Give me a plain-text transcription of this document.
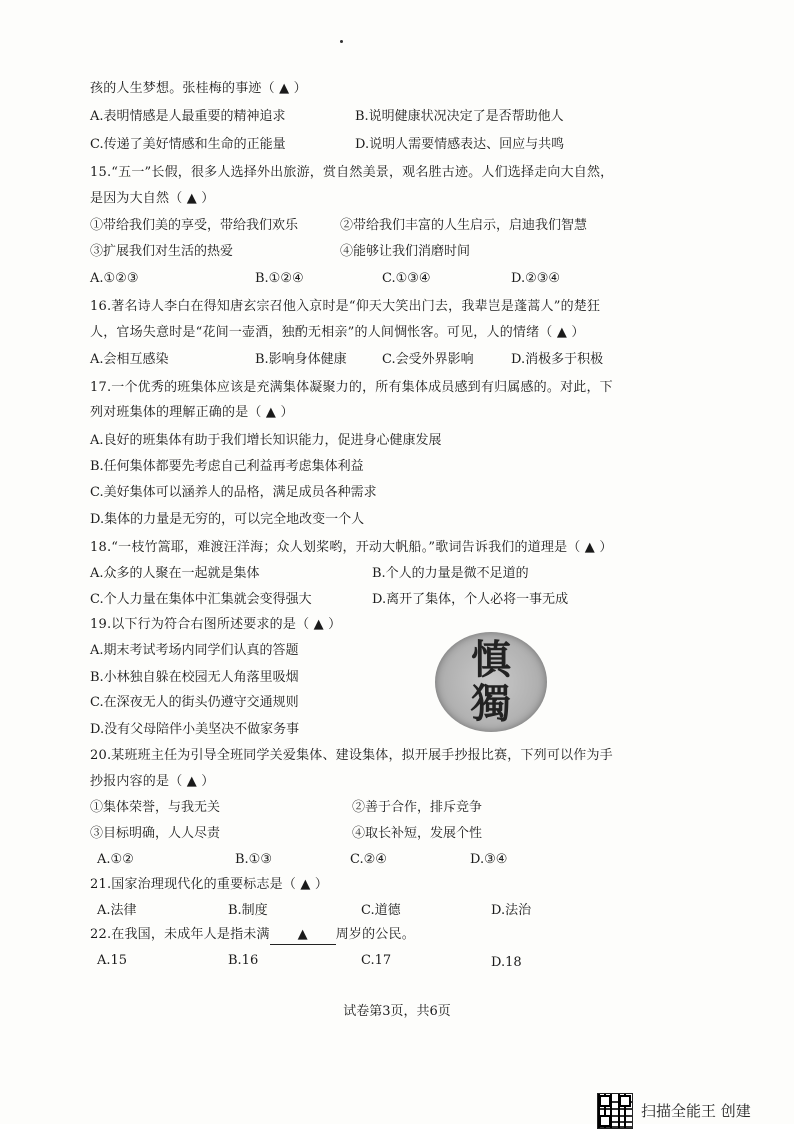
孩的人生梦想。张桂梅的事迹（ ▲ ）
A.表明情感是人最重要的精神追求	B.说明健康状况决定了是否帮助他人
C.传递了美好情感和生命的正能量	D.说明人需要情感表达、回应与共鸣
15.“五一”长假，很多人选择外出旅游，赏自然美景，观名胜古迹。人们选择走向大自然，
是因为大自然（ ▲ ）
①带给我们美的享受，带给我们欢乐	②带给我们丰富的人生启示，启迪我们智慧
③扩展我们对生活的热爱	④能够让我们消磨时间
A.①②③	B.①②④	C.①③④	D.②③④
16.著名诗人李白在得知唐玄宗召他入京时是“仰天大笑出门去，我辈岂是蓬蒿人”的楚狂
人，官场失意时是“花间一壶酒，独酌无相亲”的人间惆怅客。可见，人的情绪（ ▲ ）
A.会相互感染	B.影响身体健康	C.会受外界影响	D.消极多于积极
17.一个优秀的班集体应该是充满集体凝聚力的，所有集体成员感到有归属感的。对此，下
列对班集体的理解正确的是（ ▲ ）
A.良好的班集体有助于我们增长知识能力，促进身心健康发展
B.任何集体都要先考虑自己利益再考虑集体利益
C.美好集体可以涵养人的品格，满足成员各种需求
D.集体的力量是无穷的，可以完全地改变一个人
18.“一枝竹篙耶，难渡汪洋海；众人划桨哟，开动大帆船。”歌词告诉我们的道理是（ ▲ ）
A.众多的人聚在一起就是集体	B.个人的力量是微不足道的
C.个人力量在集体中汇集就会变得强大	D.离开了集体，个人必将一事无成
19.以下行为符合右图所述要求的是（ ▲ ）
A.期末考试考场内同学们认真的答题
B.小林独自躲在校园无人角落里吸烟
C.在深夜无人的街头仍遵守交通规则
D.没有父母陪伴小美坚决不做家务事
慎
獨
20.某班班主任为引导全班同学关爱集体、建设集体，拟开展手抄报比赛，下列可以作为手
抄报内容的是（ ▲ ）
①集体荣誉，与我无关	②善于合作，排斥竞争
③目标明确，人人尽责	④取长补短，发展个性
A.①②	B.①③	C.②④	D.③④
21.国家治理现代化的重要标志是（ ▲ ）
A.法律	B.制度	C.道德	D.法治
22.在我国，未成年人是指未满 ▲ 周岁的公民。
A.15	B.16	C.17	D.18
试卷第3页，共6页
扫描全能王 创建
